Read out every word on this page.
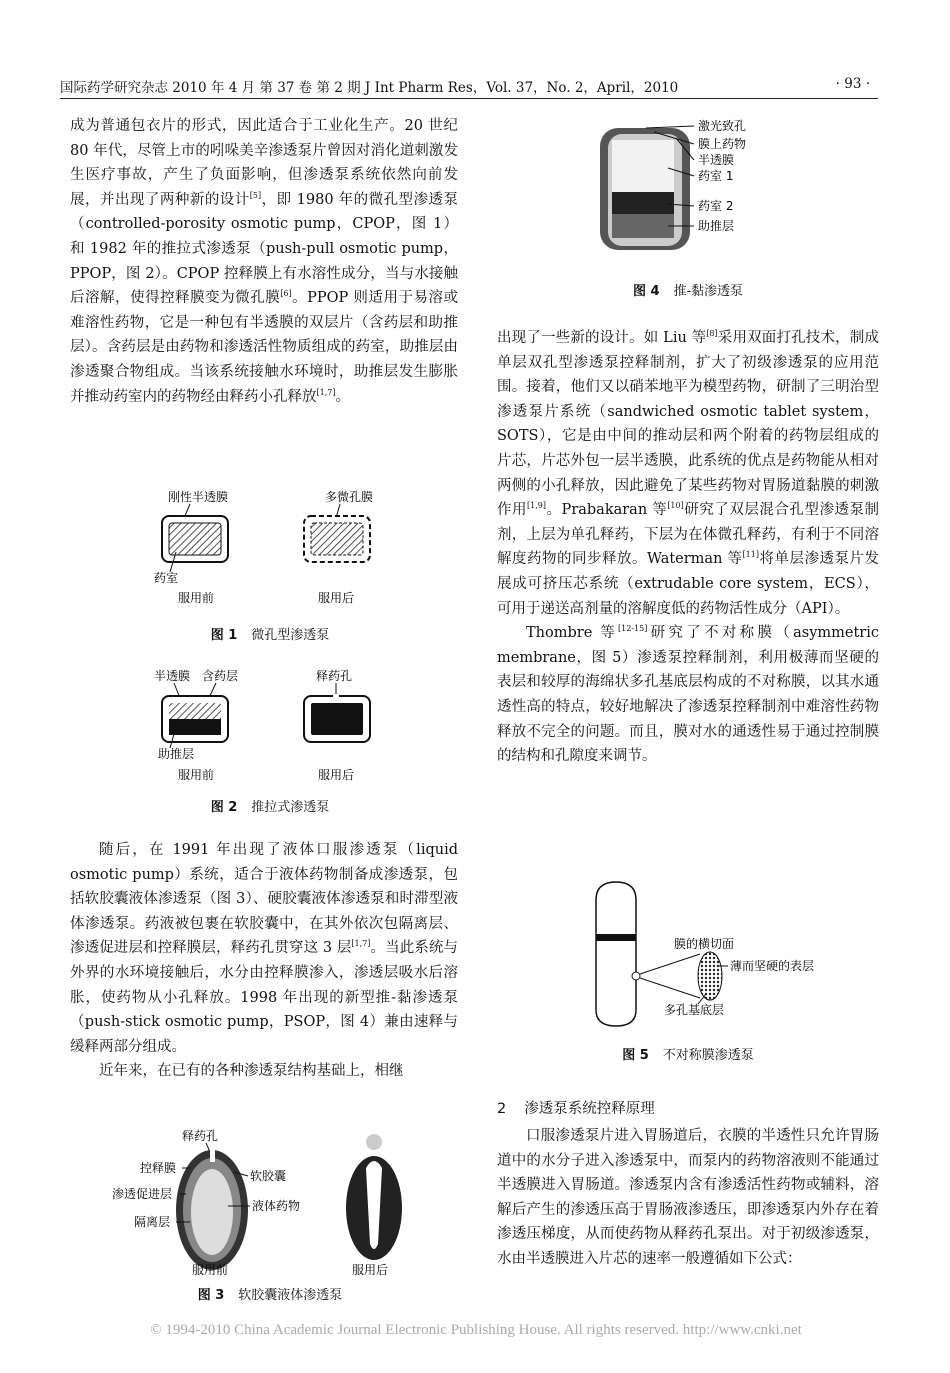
国际药学研究杂志 2010 年 4 月 第 37 卷 第 2 期 J Int Pharm Res，Vol. 37，No. 2，April，2010	· 93 ·

成为普通包衣片的形式，因此适合于工业化生产。20 世纪 80 年代，尽管上市的吲哚美辛渗透泵片曾因对消化道刺激发生医疗事故，产生了负面影响，但渗透泵系统依然向前发展，并出现了两种新的设计[5]，即 1980 年的微孔型渗透泵（controlled-porosity osmotic pump，CPOP，图 1）和 1982 年的推拉式渗透泵（push-pull osmotic pump，PPOP，图 2）。CPOP 控释膜上有水溶性成分，当与水接触后溶解，使得控释膜变为微孔膜[6]。PPOP 则适用于易溶或难溶性药物，它是一种包有半透膜的双层片（含药层和助推层）。含药层是由药物和渗透活性物质组成的药室，助推层由渗透聚合物组成。当该系统接触水环境时，助推层发生膨胀并推动药室内的药物经由释药小孔释放[1,7]。

刚性半透膜
药室
服用前
多微孔膜
服用后
图 1 微孔型渗透泵
半透膜 含药层
助推层
服用前
释药孔
服用后
图 2 推拉式渗透泵

随后，在 1991 年出现了液体口服渗透泵（liquid osmotic pump）系统，适合于液体药物制备成渗透泵，包括软胶囊液体渗透泵（图 3）、硬胶囊液体渗透泵和时滞型液体渗透泵。药液被包裹在软胶囊中，在其外依次包隔离层、渗透促进层和控释膜层，释药孔贯穿这 3 层[1,7]。当此系统与外界的水环境接触后，水分由控释膜渗入，渗透层吸水后溶胀，使药物从小孔释放。1998 年出现的新型推-黏渗透泵（push-stick osmotic pump，PSOP，图 4）兼由速释与缓释两部分组成。

近年来，在已有的各种渗透泵结构基础上，相继

释药孔
控释膜
渗透促进层
隔离层
软胶囊
液体药物
服用前	服用后
图 3 软胶囊液体渗透泵
激光致孔
膜上药物
半透膜
药室 1
药室 2
助推层
图 4 推-黏渗透泵

出现了一些新的设计。如 Liu 等[8]采用双面打孔技术，制成单层双孔型渗透泵控释制剂，扩大了初级渗透泵的应用范围。接着，他们又以硝苯地平为模型药物，研制了三明治型渗透泵片系统（sandwiched osmotic tablet system，SOTS），它是由中间的推动层和两个附着的药物层组成的片芯，片芯外包一层半透膜，此系统的优点是药物能从相对两侧的小孔释放，因此避免了某些药物对胃肠道黏膜的刺激作用[1,9]。Prabakaran 等[10]研究了双层混合孔型渗透泵制剂，上层为单孔释药，下层为在体微孔释药，有利于不同溶解度药物的同步释放。Waterman 等[11]将单层渗透泵片发展成可挤压芯系统（extrudable core system，ECS），可用于递送高剂量的溶解度低的药物活性成分（API）。

Thombre 等[12-15]研究了不对称膜（asymmetric membrane，图 5）渗透泵控释制剂，利用极薄而坚硬的表层和较厚的海绵状多孔基底层构成的不对称膜，以其水通透性高的特点，较好地解决了渗透泵控释制剂中难溶性药物释放不完全的问题。而且，膜对水的通透性易于通过控制膜的结构和孔隙度来调节。

膜的横切面
薄而坚硬的表层
多孔基底层
图 5 不对称膜渗透泵
2 渗透泵系统控释原理

口服渗透泵片进入胃肠道后，衣膜的半透性只允许胃肠道中的水分子进入渗透泵中，而泵内的药物溶液则不能通过半透膜进入胃肠道。渗透泵内含有渗透活性药物或辅料，溶解后产生的渗透压高于胃肠液渗透压，即渗透泵内外存在着渗透压梯度，从而使药物从释药孔泵出。对于初级渗透泵，水由半透膜进入片芯的速率一般遵循如下公式：

© 1994-2010 China Academic Journal Electronic Publishing House. All rights reserved. http://www.cnki.net
